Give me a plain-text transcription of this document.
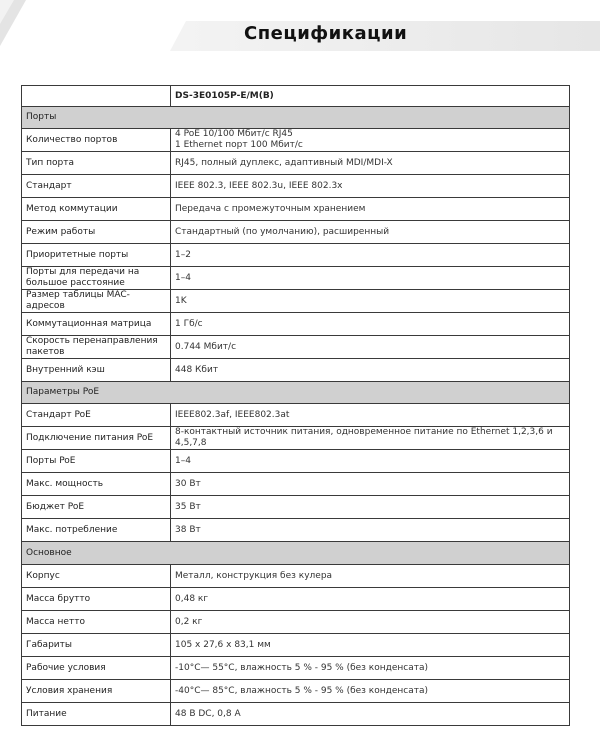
Спецификации
	DS-3E0105P-E/M(B)
Порты	
Количество портов	4 PoE 10/100 Мбит/с RJ45
1 Ethernet порт 100 Мбит/с
Тип порта	RJ45, полный дуплекс, адаптивный MDI/MDI-X
Стандарт	IEEE 802.3, IEEE 802.3u, IEEE 802.3x
Метод коммутации	Передача с промежуточным хранением
Режим работы	Стандартный (по умолчанию), расширенный
Приоритетные порты	1–2
Порты для передачи на большое расстояние	1–4
Размер таблицы MAC-адресов	1K
Коммутационная матрица	1 Гб/с
Скорость перенаправления пакетов	0.744 Мбит/с
Внутренний кэш	448 Кбит
Параметры PoE	
Стандарт PoE	IEEE802.3af, IEEE802.3at
Подключение питания PoE	8-контактный источник питания, одновременное питание по Ethernet 1,2,3,6 и 4,5,7,8
Порты PoE	1–4
Макс. мощность	30 Вт
Бюджет PoE	35 Вт
Макс. потребление	38 Вт
Основное	
Корпус	Металл, конструкция без кулера
Масса брутто	0,48 кг
Масса нетто	0,2 кг
Габариты	105 x 27,6 x 83,1 мм
Рабочие условия	-10°C— 55°C, влажность 5 % - 95 % (без конденсата)
Условия хранения	-40°C— 85°C, влажность 5 % - 95 % (без конденсата)
Питание	48 В DC, 0,8 А
